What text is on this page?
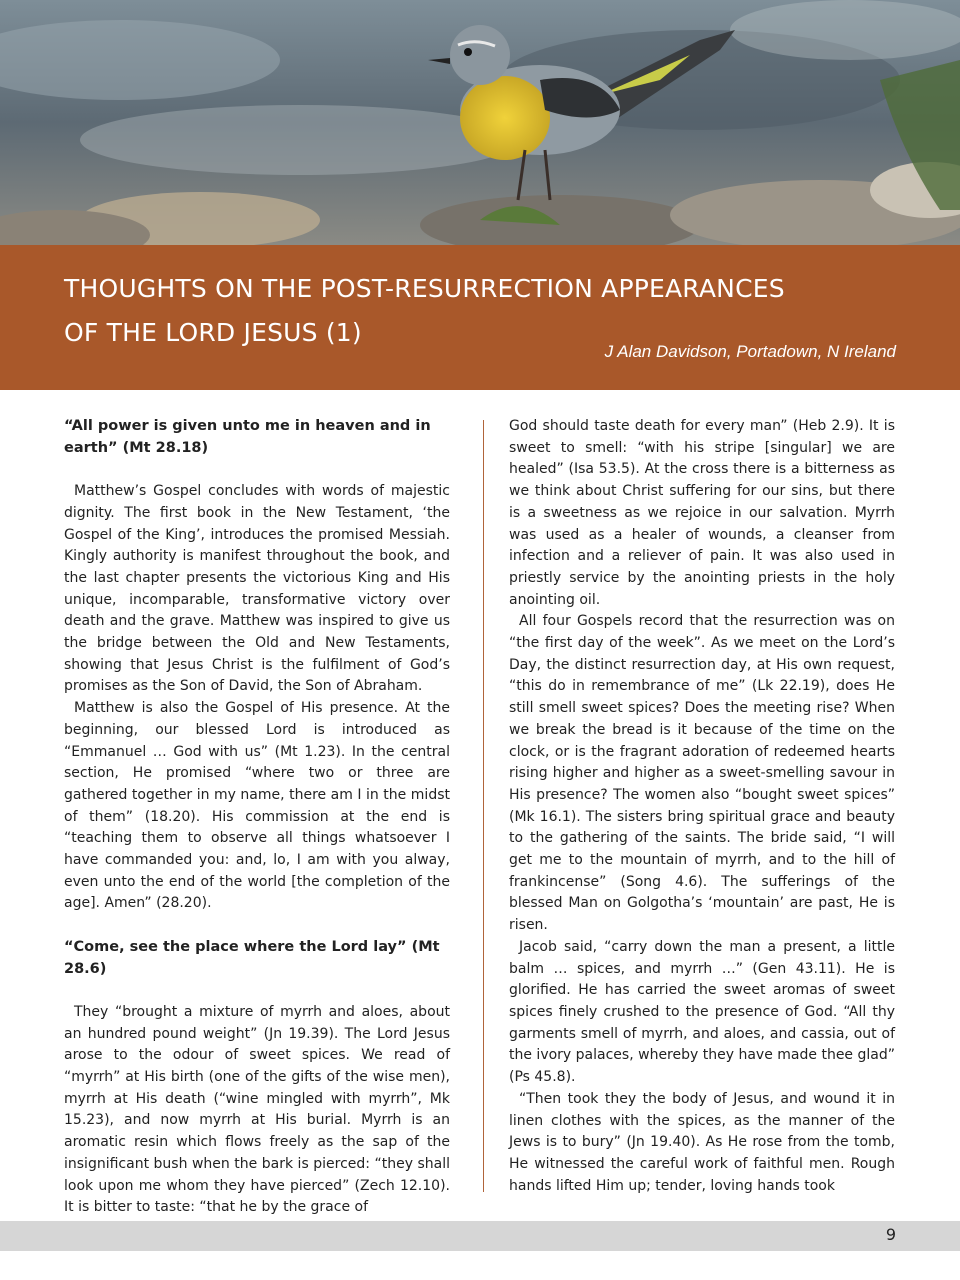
THOUGHTS ON THE POST-RESURRECTION APPEARANCES
OF THE LORD JESUS (1)
J Alan Davidson, Portadown, N Ireland
“All power is given unto me in heaven and in earth” (Mt 28.18)

Matthew’s Gospel concludes with words of majestic dignity. The first book in the New Testament, ‘the Gospel of the King’, introduces the promised Messiah. Kingly authority is manifest throughout the book, and the last chapter presents the victorious King and His unique, incomparable, transformative victory over death and the grave. Matthew was inspired to give us the bridge between the Old and New Testaments, showing that Jesus Christ is the fulfilment of God’s promises as the Son of David, the Son of Abraham.

Matthew is also the Gospel of His presence. At the beginning, our blessed Lord is introduced as “Emmanuel … God with us” (Mt 1.23). In the central section, He promised “where two or three are gathered together in my name, there am I in the midst of them” (18.20). His commission at the end is “teaching them to observe all things whatsoever I have commanded you: and, lo, I am with you alway, even unto the end of the world [the completion of the age]. Amen” (28.20).

“Come, see the place where the Lord lay” (Mt 28.6)

They “brought a mixture of myrrh and aloes, about an hundred pound weight” (Jn 19.39). The Lord Jesus arose to the odour of sweet spices. We read of “myrrh” at His birth (one of the gifts of the wise men), myrrh at His death (“wine mingled with myrrh”, Mk 15.23), and now myrrh at His burial. Myrrh is an aromatic resin which flows freely as the sap of the insignificant bush when the bark is pierced: “they shall look upon me whom they have pierced” (Zech 12.10). It is bitter to taste: “that he by the grace of

God should taste death for every man” (Heb 2.9). It is sweet to smell: “with his stripe [singular] we are healed” (Isa 53.5). At the cross there is a bitterness as we think about Christ suffering for our sins, but there is a sweetness as we rejoice in our salvation. Myrrh was used as a healer of wounds, a cleanser from infection and a reliever of pain. It was also used in priestly service by the anointing priests in the holy anointing oil.

All four Gospels record that the resurrection was on “the first day of the week”. As we meet on the Lord’s Day, the distinct resurrection day, at His own request, “this do in remembrance of me” (Lk 22.19), does He still smell sweet spices? Does the meeting rise? When we break the bread is it because of the time on the clock, or is the fragrant adoration of redeemed hearts rising higher and higher as a sweet-smelling savour in His presence? The women also “bought sweet spices” (Mk 16.1). The sisters bring spiritual grace and beauty to the gathering of the saints. The bride said, “I will get me to the mountain of myrrh, and to the hill of frankincense” (Song 4.6). The sufferings of the blessed Man on Golgotha’s ‘mountain’ are past, He is risen.

Jacob said, “carry down the man a present, a little balm … spices, and myrrh …” (Gen 43.11). He is glorified. He has carried the sweet aromas of sweet spices finely crushed to the presence of God. “All thy garments smell of myrrh, and aloes, and cassia, out of the ivory palaces, whereby they have made thee glad” (Ps 45.8).

“Then took they the body of Jesus, and wound it in linen clothes with the spices, as the manner of the Jews is to bury” (Jn 19.40). As He rose from the tomb, He witnessed the careful work of faithful men. Rough hands lifted Him up; tender, loving hands took

9
